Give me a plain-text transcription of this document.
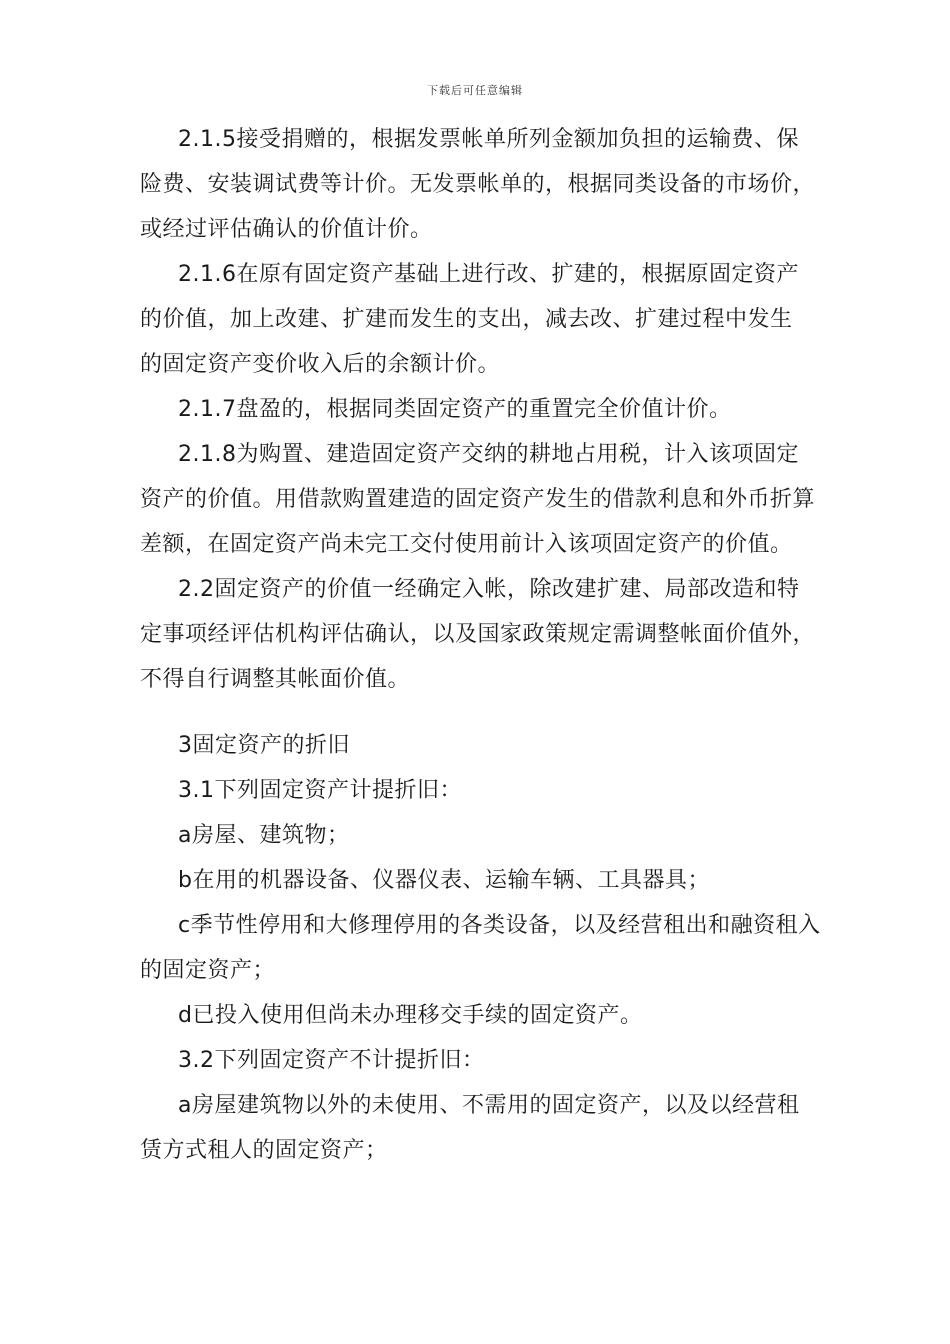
下载后可任意编辑
2.1.5接受捐赠的，根据发票帐单所列金额加负担的运输费、保
险费、安装调试费等计价。无发票帐单的，根据同类设备的市场价，
或经过评估确认的价值计价。
2.1.6在原有固定资产基础上进行改、扩建的，根据原固定资产
的价值，加上改建、扩建而发生的支出，减去改、扩建过程中发生
的固定资产变价收入后的余额计价。
2.1.7盘盈的，根据同类固定资产的重置完全价值计价。
2.1.8为购置、建造固定资产交纳的耕地占用税，计入该项固定
资产的价值。用借款购置建造的固定资产发生的借款利息和外币折算
差额，在固定资产尚未完工交付使用前计入该项固定资产的价值。
2.2固定资产的价值一经确定入帐，除改建扩建、局部改造和特
定事项经评估机构评估确认，以及国家政策规定需调整帐面价值外，
不得自行调整其帐面价值。
3固定资产的折旧
3.1下列固定资产计提折旧：
a房屋、建筑物；
b在用的机器设备、仪器仪表、运输车辆、工具器具；
c季节性停用和大修理停用的各类设备，以及经营租出和融资租入
的固定资产；
d已投入使用但尚未办理移交手续的固定资产。
3.2下列固定资产不计提折旧：
a房屋建筑物以外的未使用、不需用的固定资产，以及以经营租
赁方式租人的固定资产；
